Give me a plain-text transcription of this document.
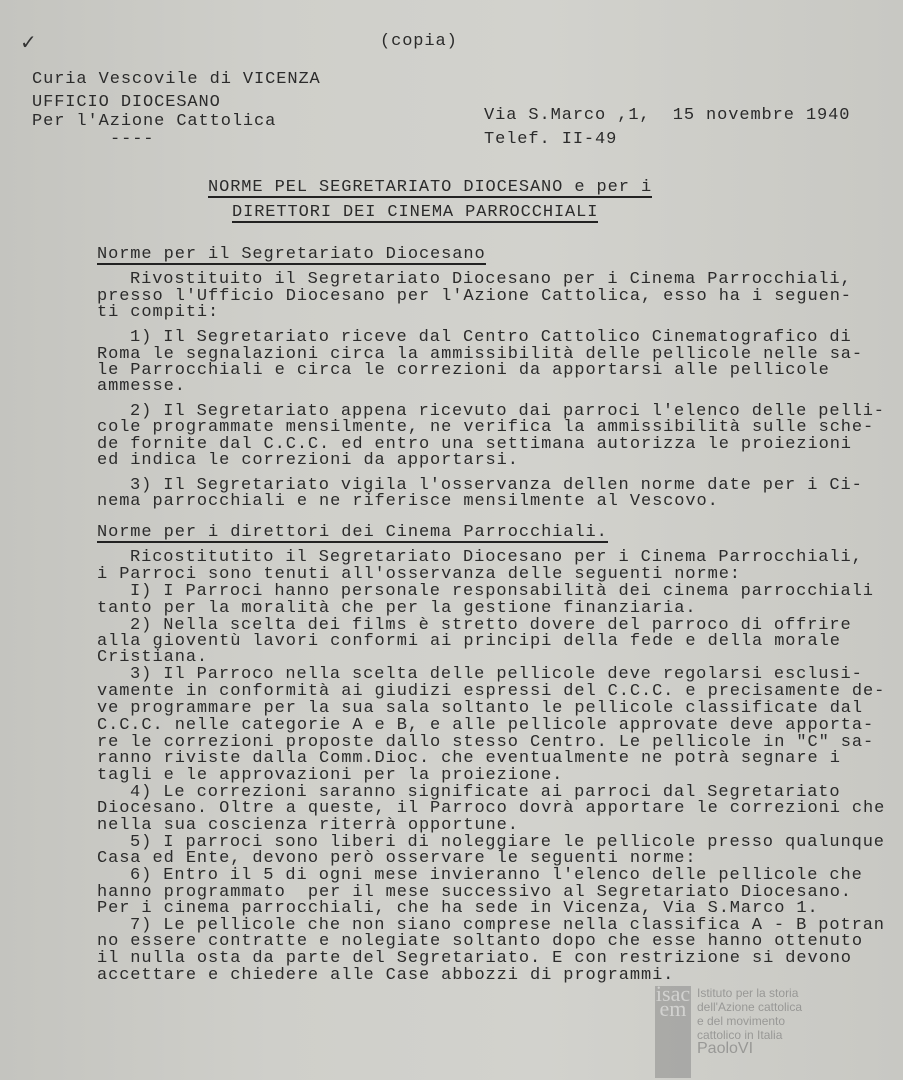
✓	(copia)
Curia Vescovile di VICENZA
UFFICIO DIOCESANO
Per l'Azione Cattolica
----
Via S.Marco ,1,  15 novembre 1940
Telef. II-49
NORME PEL SEGRETARIATO DIOCESANO e per i
DIRETTORI DEI CINEMA PARROCCHIALI
Norme per il Segretariato Diocesano
Rivostituito il Segretariato Diocesano per i Cinema Parrocchiali,
presso l'Ufficio Diocesano per l'Azione Cattolica, esso ha i seguen-
ti compiti:
1) Il Segretariato riceve dal Centro Cattolico Cinematografico di
Roma le segnalazioni circa la ammissibilità delle pellicole nelle sa-
le Parrocchiali e circa le correzioni da apportarsi alle pellicole
ammesse.
2) Il Segretariato appena ricevuto dai parroci l'elenco delle pelli-
cole programmate mensilmente, ne verifica la ammissibilità sulle sche-
de fornite dal C.C.C. ed entro una settimana autorizza le proiezioni
ed indica le correzioni da apportarsi.
3) Il Segretariato vigila l'osservanza dellen norme date per i Ci-
nema parrocchiali e ne riferisce mensilmente al Vescovo.
Norme per i direttori dei Cinema Parrocchiali.
Ricostitutito il Segretariato Diocesano per i Cinema Parrocchiali,
i Parroci sono tenuti all'osservanza delle seguenti norme:
I) I Parroci hanno personale responsabilità dei cinema parrocchiali
tanto per la moralità che per la gestione finanziaria.
2) Nella scelta dei films è stretto dovere del parroco di offrire
alla gioventù lavori conformi ai principi della fede e della morale
Cristiana.
3) Il Parroco nella scelta delle pellicole deve regolarsi esclusi-
vamente in conformità ai giudizi espressi del C.C.C. e precisamente de-
ve programmare per la sua sala soltanto le pellicole classificate dal
C.C.C. nelle categorie A e B, e alle pellicole approvate deve apporta-
re le correzioni proposte dallo stesso Centro. Le pellicole in "C" sa-
ranno riviste dalla Comm.Dioc. che eventualmente ne potrà segnare i
tagli e le approvazioni per la proiezione.
4) Le correzioni saranno significate ai parroci dal Segretariato
Diocesano. Oltre a queste, il Parroco dovrà apportare le correzioni che
nella sua coscienza riterrà opportune.
5) I parroci sono liberi di noleggiare le pellicole presso qualunque
Casa ed Ente, devono però osservare le seguenti norme:
6) Entro il 5 di ogni mese invieranno l'elenco delle pellicole che
hanno programmato  per il mese successivo al Segretariato Diocesano.
Per i cinema parrocchiali, che ha sede in Vicenza, Via S.Marco 1.
7) Le pellicole che non siano comprese nella classifica A - B potran
no essere contratte e nolegiate soltanto dopo che esse hanno ottenuto
il nulla osta da parte del Segretariato. E con restrizione si devono
accettare e chiedere alle Case abbozzi di programmi.
isacem
Istituto per la storia
dell'Azione cattolica
e del movimento
cattolico in Italia
PaoloVI
